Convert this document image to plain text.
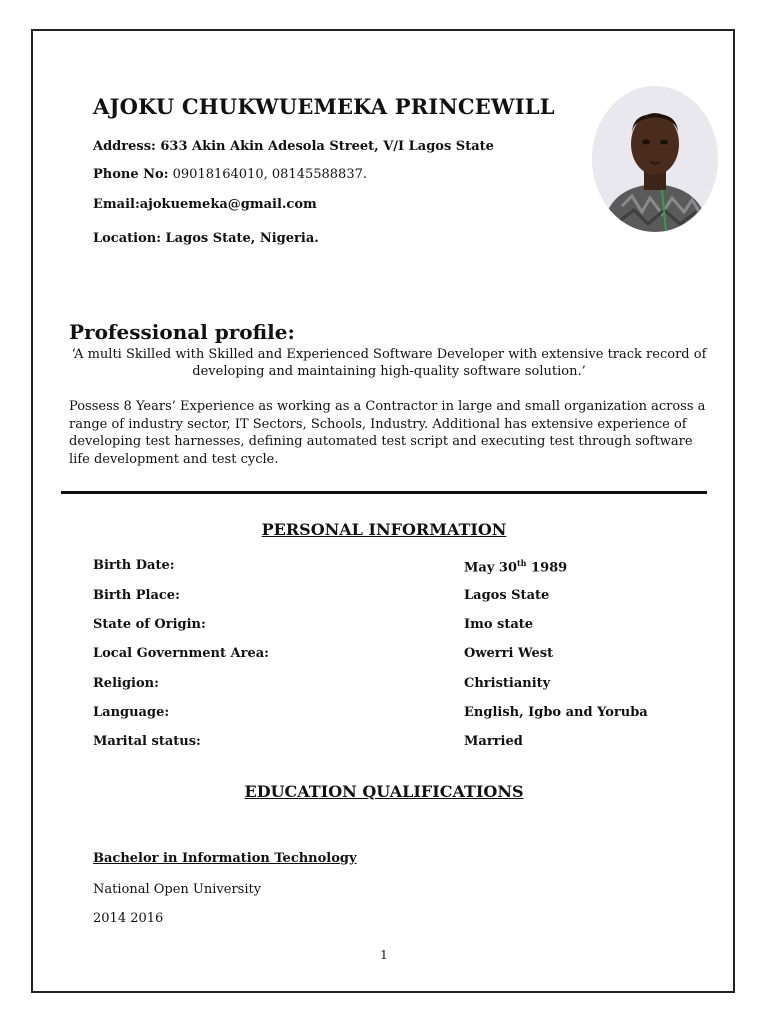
AJOKU CHUKWUEMEKA PRINCEWILL
Address: 633 Akin Akin Adesola Street, V/I Lagos State
Phone No: 09018164010, 08145588837.
Email:ajokuemeka@gmail.com
Location: Lagos State, Nigeria.
Professional profile:
‘A multi Skilled with Skilled and Experienced Software Developer with extensive track record of developing and maintaining high-quality software solution.’
Possess 8 Years’ Experience as working as a Contractor in large and small organization across a range of industry sector, IT Sectors, Schools, Industry. Additional has extensive experience of developing test harnesses, defining automated test script and executing test through software life development and test cycle.
PERSONAL INFORMATION
Birth Date:	May 30th 1989
Birth Place:	Lagos State
State of Origin:	Imo state
Local Government Area:	Owerri West
Religion:	Christianity
Language:	English, Igbo and Yoruba
Marital status:	Married
EDUCATION QUALIFICATIONS
Bachelor in Information Technology
National Open University
2014 2016
1
